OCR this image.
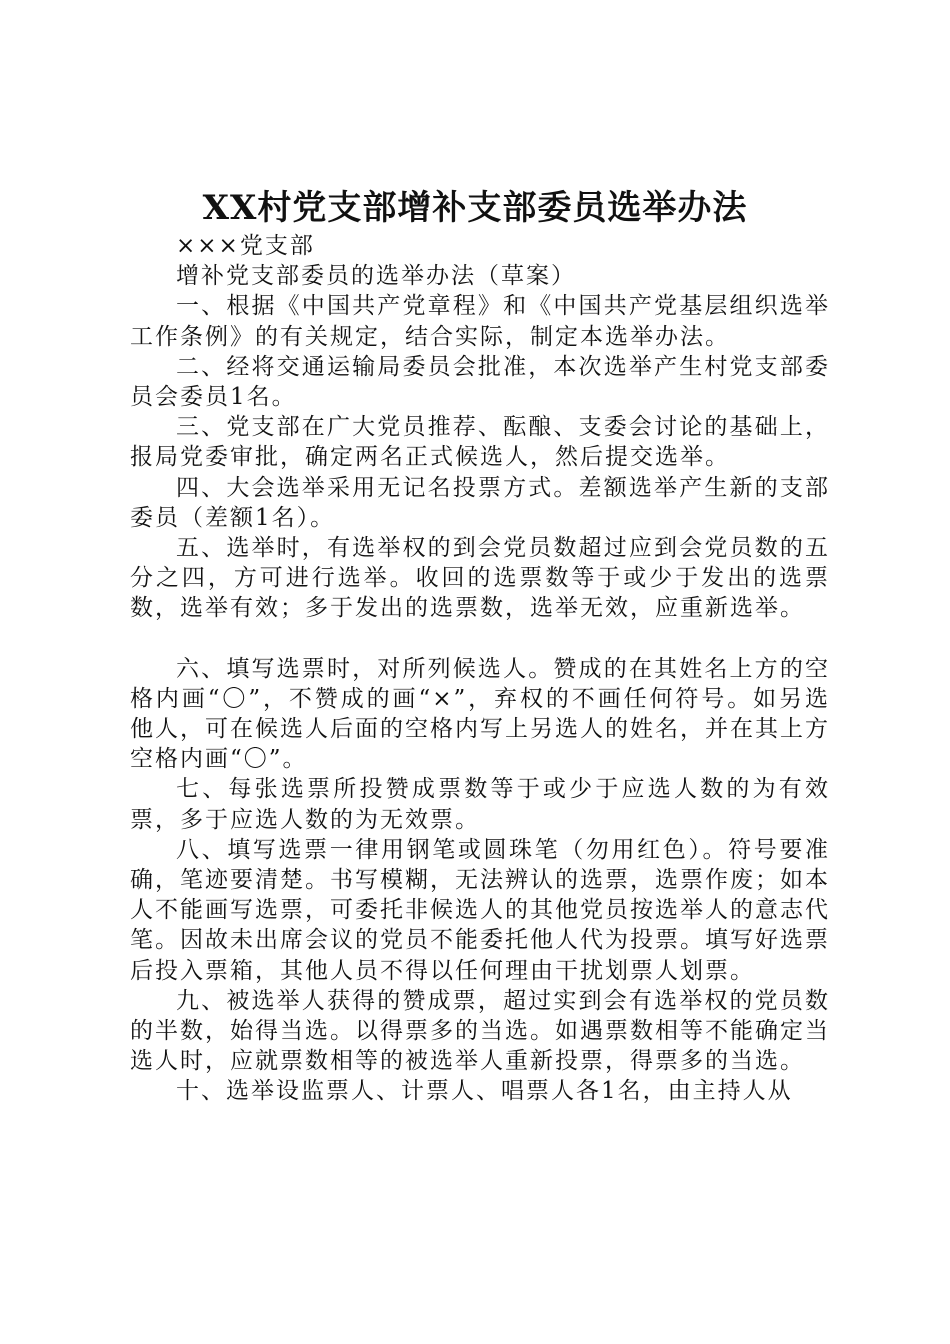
XX村党支部增补支部委员选举办法

×××党支部

增补党支部委员的选举办法（草案）

一、根据《中国共产党章程》和《中国共产党基层组织选举工作条例》的有关规定，结合实际，制定本选举办法。

二、经将交通运输局委员会批准，本次选举产生村党支部委员会委员1名。

三、党支部在广大党员推荐、酝酿、支委会讨论的基础上，报局党委审批，确定两名正式候选人，然后提交选举。

四、大会选举采用无记名投票方式。差额选举产生新的支部委员（差额1名）。

五、选举时，有选举权的到会党员数超过应到会党员数的五分之四，方可进行选举。收回的选票数等于或少于发出的选票数，选举有效；多于发出的选票数，选举无效，应重新选举。

六、填写选票时，对所列候选人。赞成的在其姓名上方的空格内画“〇”，不赞成的画“×”，弃权的不画任何符号。如另选他人，可在候选人后面的空格内写上另选人的姓名，并在其上方空格内画“〇”。

七、每张选票所投赞成票数等于或少于应选人数的为有效票，多于应选人数的为无效票。

八、填写选票一律用钢笔或圆珠笔（勿用红色）。符号要准确，笔迹要清楚。书写模糊，无法辨认的选票，选票作废；如本人不能画写选票，可委托非候选人的其他党员按选举人的意志代笔。因故未出席会议的党员不能委托他人代为投票。填写好选票后投入票箱，其他人员不得以任何理由干扰划票人划票。

九、被选举人获得的赞成票，超过实到会有选举权的党员数的半数，始得当选。以得票多的当选。如遇票数相等不能确定当选人时，应就票数相等的被选举人重新投票，得票多的当选。

十、选举设监票人、计票人、唱票人各1名，由主持人从
